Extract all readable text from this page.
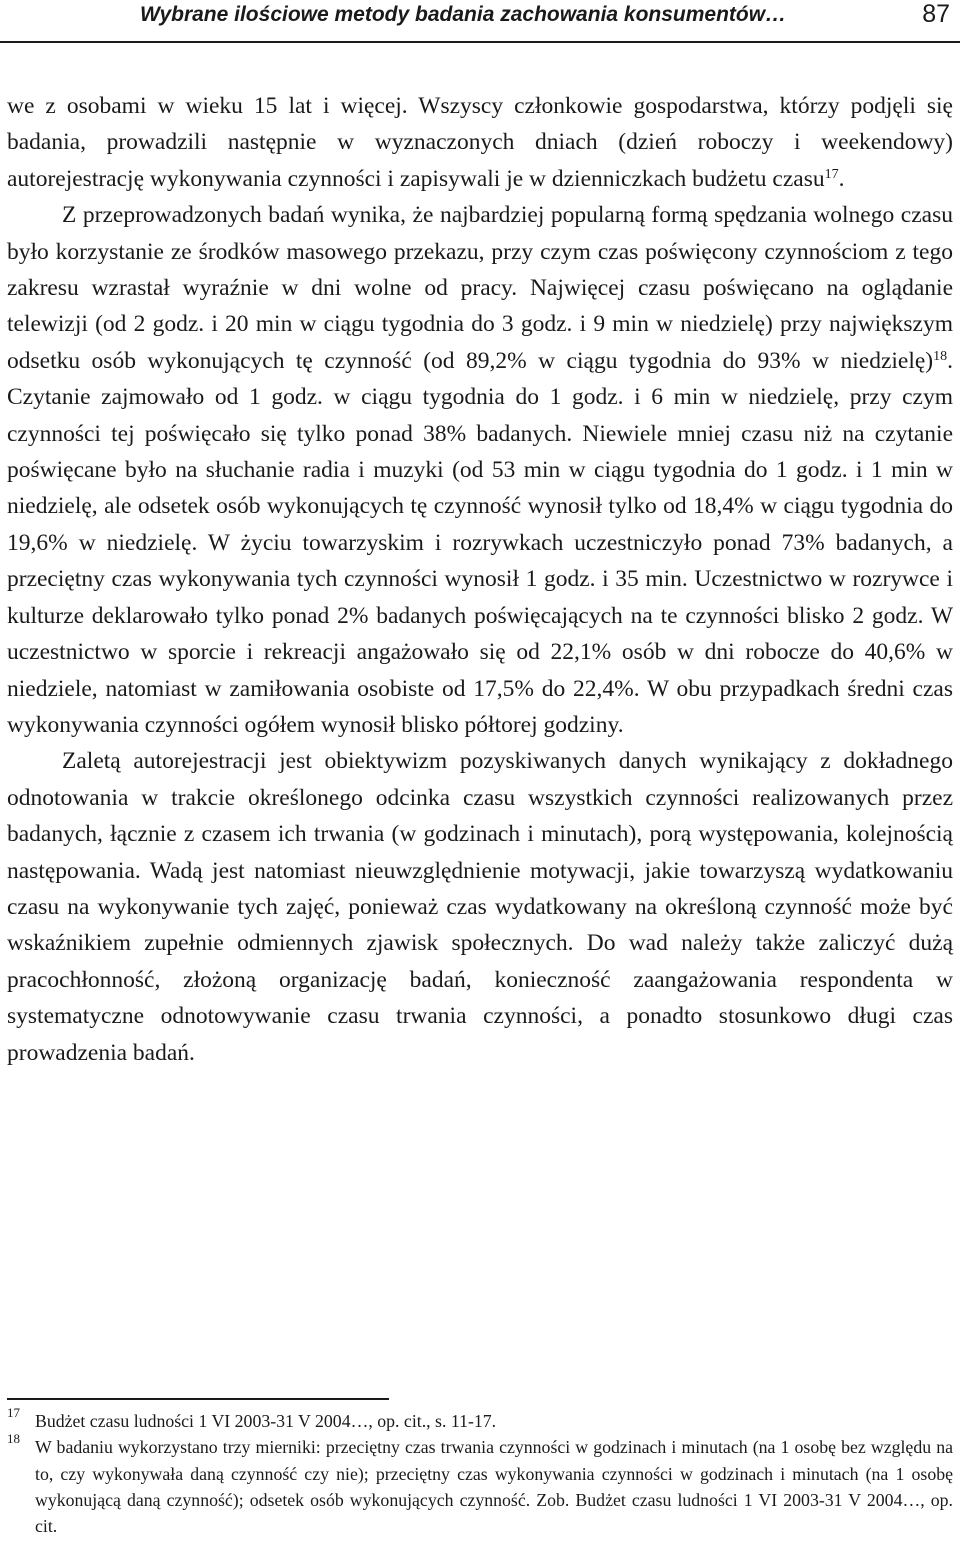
Wybrane ilościowe metody badania zachowania konsumentów…	87

we z osobami w wieku 15 lat i więcej. Wszyscy członkowie gospodarstwa, którzy podjęli się badania, prowadzili następnie w wyznaczonych dniach (dzień roboczy i weekendowy) autorejestrację wykonywania czynności i zapisywali je w dzienniczkach budżetu czasu$^{17}$.

Z przeprowadzonych badań wynika, że najbardziej popularną formą spędzania wolnego czasu było korzystanie ze środków masowego przekazu, przy czym czas poświęcony czynnościom z tego zakresu wzrastał wyraźnie w dni wolne od pracy. Najwięcej czasu poświęcano na oglądanie telewizji (od 2 godz. i 20 min w ciągu tygodnia do 3 godz. i 9 min w niedzielę) przy największym odsetku osób wykonujących tę czynność (od 89,2% w ciągu tygodnia do 93% w niedzielę)$^{18}$. Czytanie zajmowało od 1 godz. w ciągu tygodnia do 1 godz. i 6 min w niedzielę, przy czym czynności tej poświęcało się tylko ponad 38% badanych. Niewiele mniej czasu niż na czytanie poświęcane było na słuchanie radia i muzyki (od 53 min w ciągu tygodnia do 1 godz. i 1 min w niedzielę, ale odsetek osób wykonujących tę czynność wynosił tylko od 18,4% w ciągu tygodnia do 19,6% w niedzielę. W życiu towarzyskim i rozrywkach uczestniczyło ponad 73% badanych, a przeciętny czas wykonywania tych czynności wynosił 1 godz. i 35 min. Uczestnictwo w rozrywce i kulturze deklarowało tylko ponad 2% badanych poświęcających na te czynności blisko 2 godz. W uczestnictwo w sporcie i rekreacji angażowało się od 22,1% osób w dni robocze do 40,6% w niedziele, natomiast w zamiłowania osobiste od 17,5% do 22,4%. W obu przypadkach średni czas wykonywania czynności ogółem wynosił blisko półtorej godziny.

Zaletą autorejestracji jest obiektywizm pozyskiwanych danych wynikający z dokładnego odnotowania w trakcie określonego odcinka czasu wszystkich czynności realizowanych przez badanych, łącznie z czasem ich trwania (w godzinach i minutach), porą występowania, kolejnością następowania. Wadą jest natomiast nieuwzględnienie motywacji, jakie towarzyszą wydatkowaniu czasu na wykonywanie tych zajęć, ponieważ czas wydatkowany na określoną czynność może być wskaźnikiem zupełnie odmiennych zjawisk społecznych. Do wad należy także zaliczyć dużą pracochłonność, złożoną organizację badań, konieczność zaangażowania respondenta w systematyczne odnotowywanie czasu trwania czynności, a ponadto stosunkowo długi czas prowadzenia badań.

17 Budżet czasu ludności 1 VI 2003-31 V 2004…, op. cit., s. 11-17.
18 W badaniu wykorzystano trzy mierniki: przeciętny czas trwania czynności w godzinach i minutach (na 1 osobę bez względu na to, czy wykonywała daną czynność czy nie); przeciętny czas wykonywania czynności w godzinach i minutach (na 1 osobę wykonującą daną czynność); odsetek osób wykonujących czynność. Zob. Budżet czasu ludności 1 VI 2003-31 V 2004…, op. cit.
